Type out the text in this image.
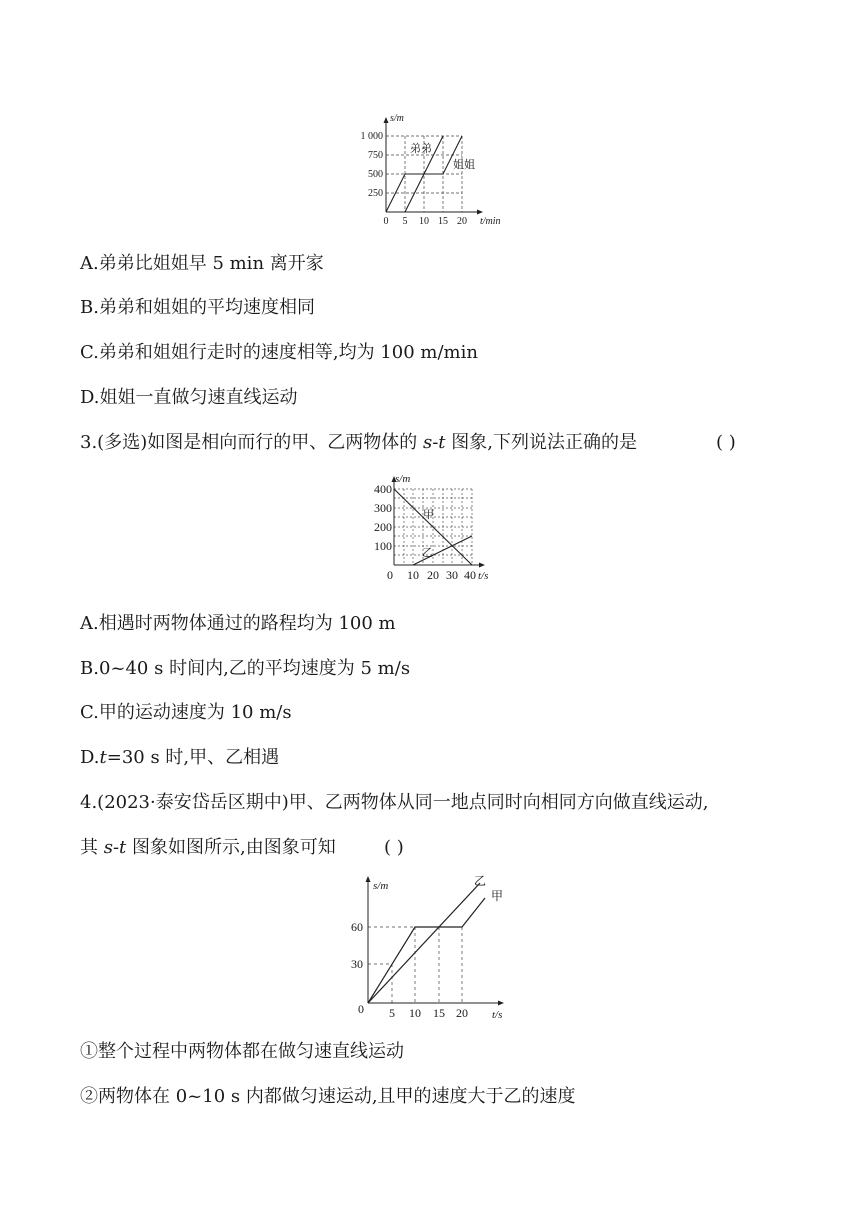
s/m
1 000
750
500
250
0 5 10 15 20 t/min
弟弟
姐姐
A.弟弟比姐姐早 5 min 离开家
B.弟弟和姐姐的平均速度相同
C.弟弟和姐姐行走时的速度相等,均为 100 m/min
D.姐姐一直做匀速直线运动
3.(多选)如图是相向而行的甲、乙两物体的 s-t 图象,下列说法正确的是	( )
s/m
400
300
200
100
0 10 20 30 40 t/s
甲
乙
A.相遇时两物体通过的路程均为 100 m
B.0~40 s 时间内,乙的平均速度为 5 m/s
C.甲的运动速度为 10 m/s
D.t=30 s 时,甲、乙相遇
4.(2023·泰安岱岳区期中)甲、乙两物体从同一地点同时向相同方向做直线运动,
其 s-t 图象如图所示,由图象可知	( )
s/m
60
30
0 5 10 15 20 t/s
乙
甲
①整个过程中两物体都在做匀速直线运动
②两物体在 0~10 s 内都做匀速运动,且甲的速度大于乙的速度
